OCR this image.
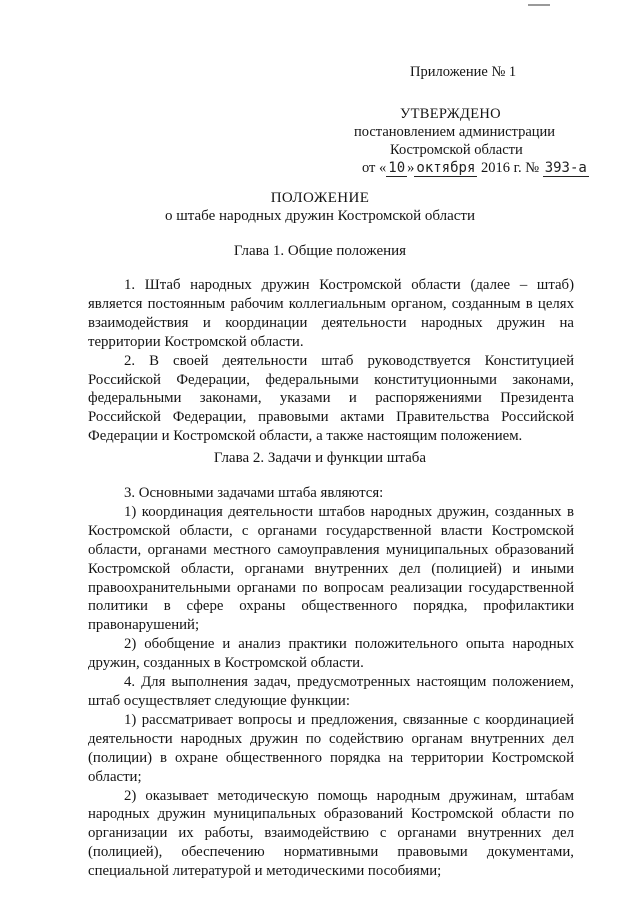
Приложение № 1
УТВЕРЖДЕНО
постановлением администрации
Костромской области
от « 10 » октября 2016 г. № 393-а
ПОЛОЖЕНИЕ
о штабе народных дружин Костромской области
Глава 1. Общие положения

1. Штаб народных дружин Костромской области (далее – штаб) является постоянным рабочим коллегиальным органом, созданным в целях взаимодействия и координации деятельности народных дружин на территории Костромской области.

2. В своей деятельности штаб руководствуется Конституцией Российской Федерации, федеральными конституционными законами, федеральными законами, указами и распоряжениями Президента Российской Федерации, правовыми актами Правительства Российской Федерации и Костромской области, а также настоящим положением.

Глава 2. Задачи и функции штаба

3. Основными задачами штаба являются:

1) координация деятельности штабов народных дружин, созданных в Костромской области, с органами государственной власти Костромской области, органами местного самоуправления муниципальных образований Костромской области, органами внутренних дел (полицией) и иными правоохранительными органами по вопросам реализации государственной политики в сфере охраны общественного порядка, профилактики правонарушений;

2) обобщение и анализ практики положительного опыта народных дружин, созданных в Костромской области.

4. Для выполнения задач, предусмотренных настоящим положением, штаб осуществляет следующие функции:

1) рассматривает вопросы и предложения, связанные с координацией деятельности народных дружин по содействию органам внутренних дел (полиции) в охране общественного порядка на территории Костромской области;

2) оказывает методическую помощь народным дружинам, штабам народных дружин муниципальных образований Костромской области по организации их работы, взаимодействию с органами внутренних дел (полицией), обеспечению нормативными правовыми документами, специальной литературой и методическими пособиями;
